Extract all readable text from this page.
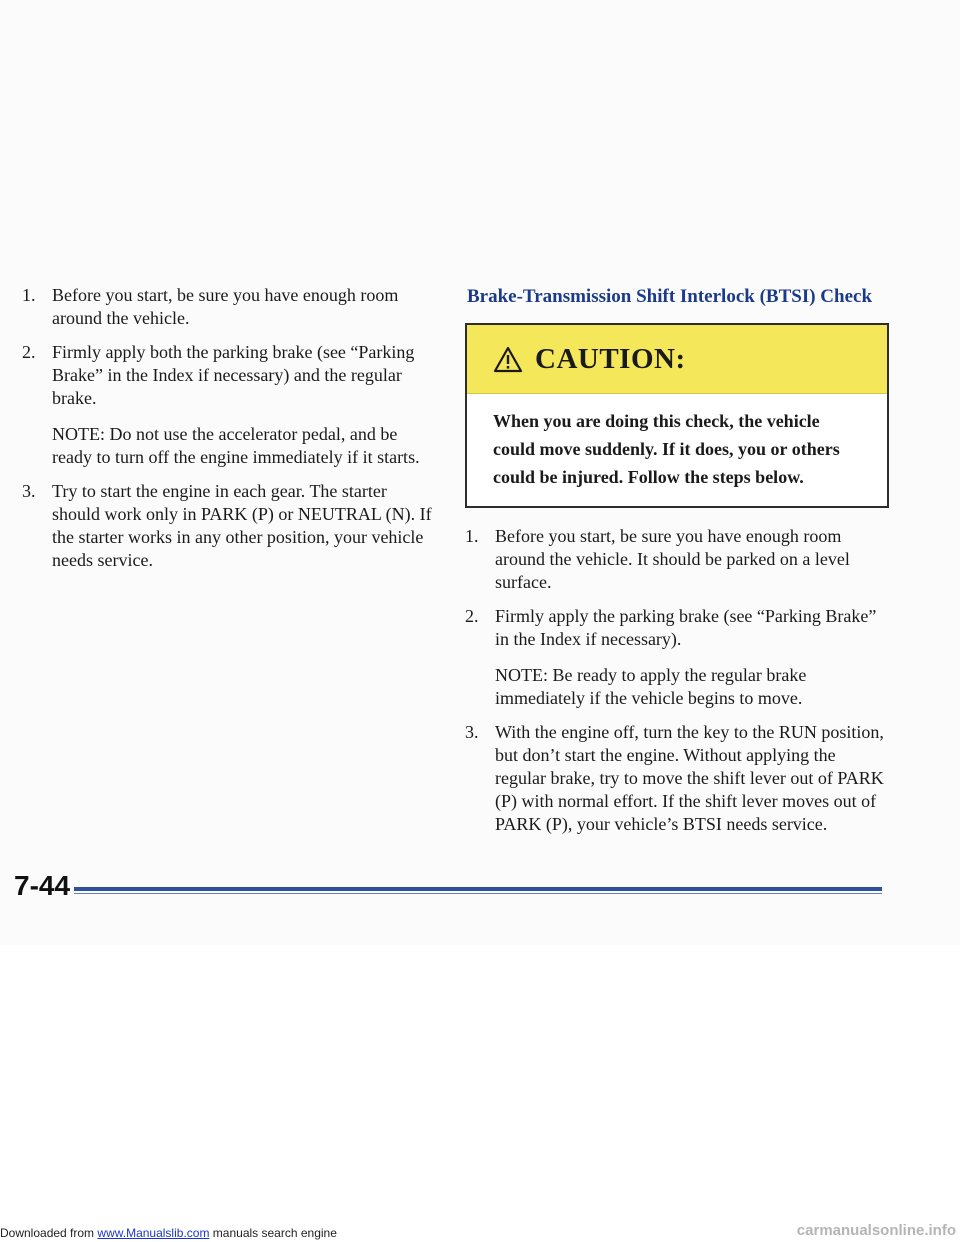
1. Before you start, be sure you have enough room around the vehicle.
2. Firmly apply both the parking brake (see “Parking Brake” in the Index if necessary) and the regular brake.
NOTE: Do not use the accelerator pedal, and be ready to turn off the engine immediately if it starts.
3. Try to start the engine in each gear. The starter should work only in PARK (P) or NEUTRAL (N). If the starter works in any other position, your vehicle needs service.
Brake-Transmission Shift Interlock (BTSI) Check
CAUTION:
When you are doing this check, the vehicle could move suddenly. If it does, you or others could be injured. Follow the steps below.
1. Before you start, be sure you have enough room around the vehicle. It should be parked on a level surface.
2. Firmly apply the parking brake (see “Parking Brake” in the Index if necessary).
NOTE: Be ready to apply the regular brake immediately if the vehicle begins to move.
3. With the engine off, turn the key to the RUN position, but don’t start the engine. Without applying the regular brake, try to move the shift lever out of PARK (P) with normal effort. If the shift lever moves out of PARK (P), your vehicle’s BTSI needs service.
7-44
Downloaded from www.Manualslib.com manuals search engine	carmanualsonline.info
